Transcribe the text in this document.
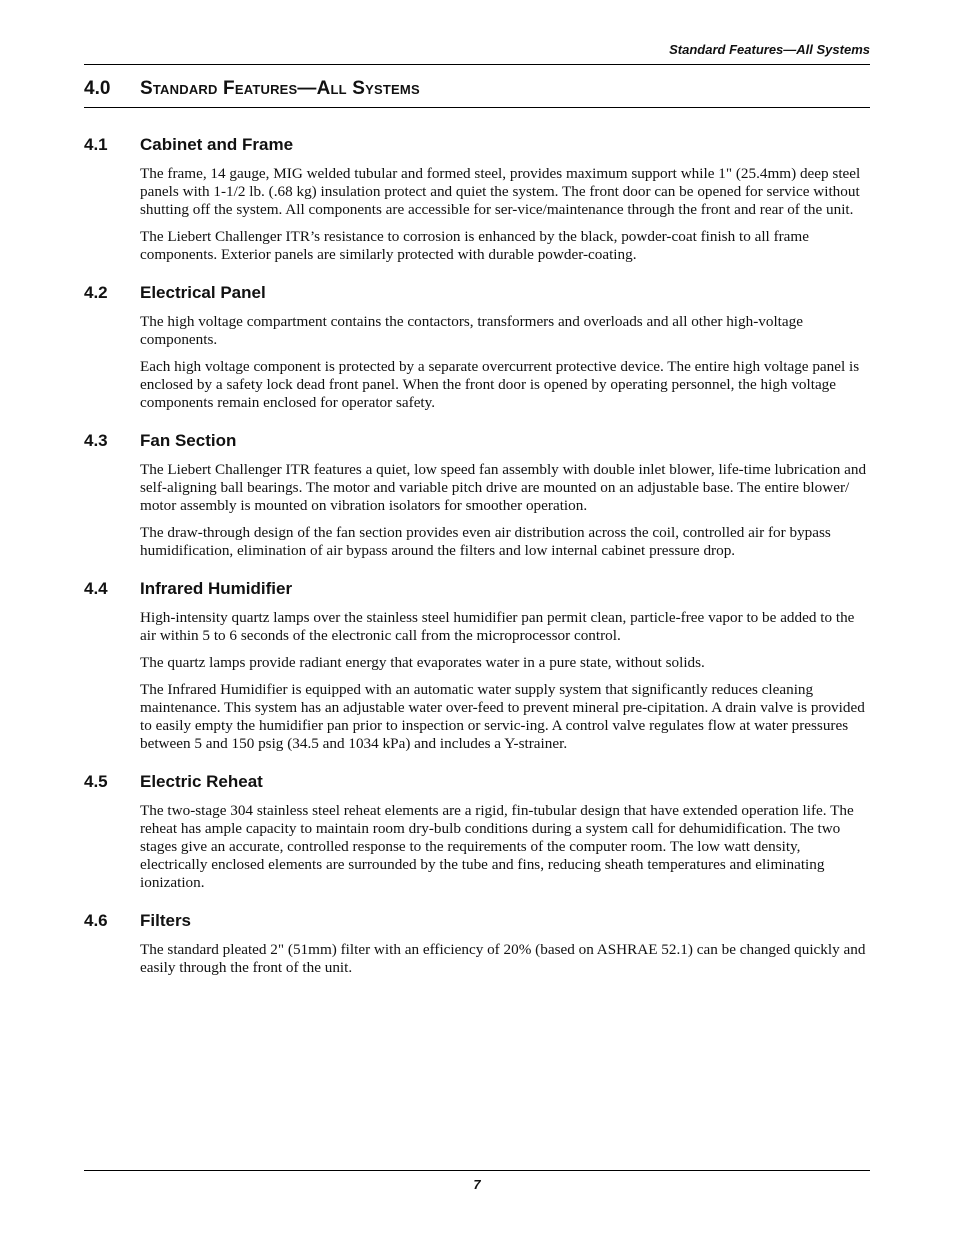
Standard Features—All Systems
4.0 Standard Features—All Systems
4.1 Cabinet and Frame

The frame, 14 gauge, MIG welded tubular and formed steel, provides maximum support while 1" (25.4mm) deep steel panels with 1-1/2 lb. (.68 kg) insulation protect and quiet the system. The front door can be opened for service without shutting off the system. All components are accessible for ser-vice/maintenance through the front and rear of the unit.

The Liebert Challenger ITR’s resistance to corrosion is enhanced by the black, powder-coat finish to all frame components. Exterior panels are similarly protected with durable powder-coating.

4.2 Electrical Panel

The high voltage compartment contains the contactors, transformers and overloads and all other high-voltage components.

Each high voltage component is protected by a separate overcurrent protective device. The entire high voltage panel is enclosed by a safety lock dead front panel. When the front door is opened by operating personnel, the high voltage components remain enclosed for operator safety.

4.3 Fan Section

The Liebert Challenger ITR features a quiet, low speed fan assembly with double inlet blower, life-time lubrication and self-aligning ball bearings. The motor and variable pitch drive are mounted on an adjustable base. The entire blower/ motor assembly is mounted on vibration isolators for smoother operation.

The draw-through design of the fan section provides even air distribution across the coil, controlled air for bypass humidification, elimination of air bypass around the filters and low internal cabinet pressure drop.

4.4 Infrared Humidifier

High-intensity quartz lamps over the stainless steel humidifier pan permit clean, particle-free vapor to be added to the air within 5 to 6 seconds of the electronic call from the microprocessor control.

The quartz lamps provide radiant energy that evaporates water in a pure state, without solids.

The Infrared Humidifier is equipped with an automatic water supply system that significantly reduces cleaning maintenance. This system has an adjustable water over-feed to prevent mineral pre-cipitation. A drain valve is provided to easily empty the humidifier pan prior to inspection or servic-ing. A control valve regulates flow at water pressures between 5 and 150 psig (34.5 and 1034 kPa) and includes a Y-strainer.

4.5 Electric Reheat

The two-stage 304 stainless steel reheat elements are a rigid, fin-tubular design that have extended operation life. The reheat has ample capacity to maintain room dry-bulb conditions during a system call for dehumidification. The two stages give an accurate, controlled response to the requirements of the computer room. The low watt density, electrically enclosed elements are surrounded by the tube and fins, reducing sheath temperatures and eliminating ionization.

4.6 Filters

The standard pleated 2" (51mm) filter with an efficiency of 20% (based on ASHRAE 52.1) can be changed quickly and easily through the front of the unit.

7
